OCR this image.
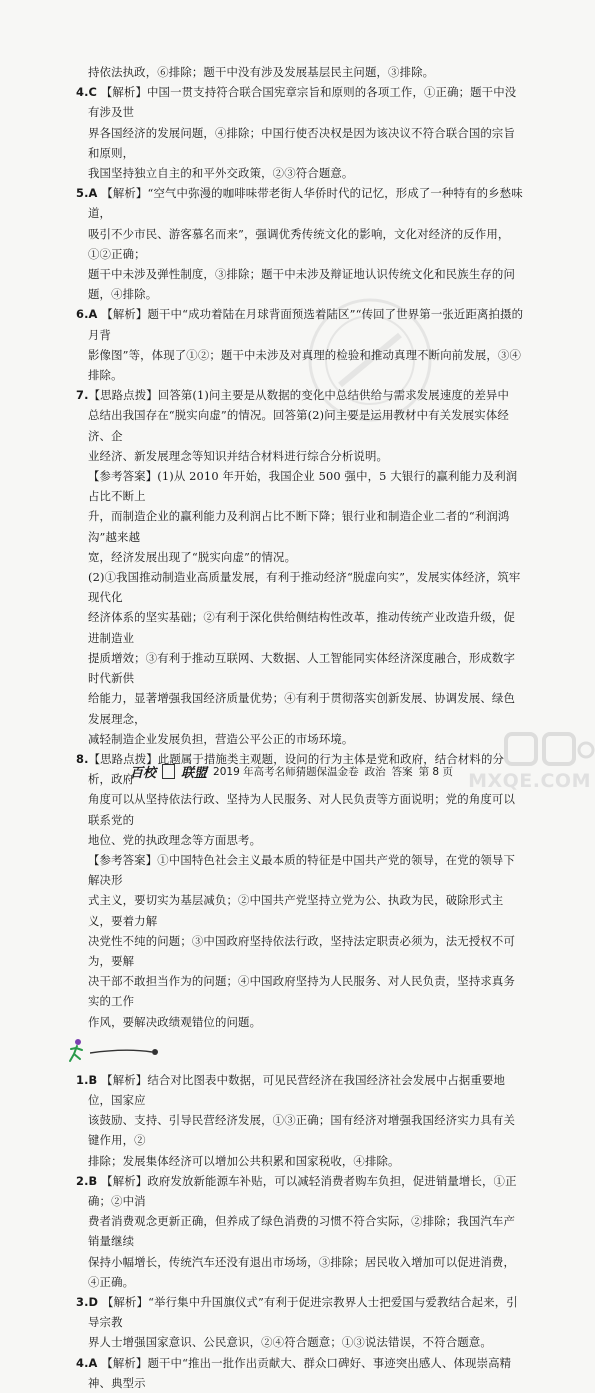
持依法执政，⑥排除；题干中没有涉及发展基层民主问题，③排除。

4.C 【解析】中国一贯支持符合联合国宪章宗旨和原则的各项工作，①正确；题干中没有涉及世

界各国经济的发展问题，④排除；中国行使否决权是因为该决议不符合联合国的宗旨和原则，

我国坚持独立自主的和平外交政策，②③符合题意。

5.A 【解析】“空气中弥漫的咖啡味带老街人华侨时代的记忆，形成了一种特有的乡愁味道，

吸引不少市民、游客慕名而来”，强调优秀传统文化的影响，文化对经济的反作用，①②正确；

题干中未涉及弹性制度，③排除；题干中未涉及辩证地认识传统文化和民族生存的问题，④排除。

6.A 【解析】题干中“成功着陆在月球背面预选着陆区”“传回了世界第一张近距离拍摄的月背

影像图”等，体现了①②；题干中未涉及对真理的检验和推动真理不断向前发展，③④排除。

7.【思路点拨】回答第(1)问主要是从数据的变化中总结供给与需求发展速度的差异中

总结出我国存在“脱实向虚”的情况。回答第(2)问主要是运用教材中有关发展实体经济、企

业经济、新发展理念等知识并结合材料进行综合分析说明。

【参考答案】(1)从 2010 年开始，我国企业 500 强中，5 大银行的赢利能力及利润占比不断上

升，而制造企业的赢利能力及利润占比不断下降；银行业和制造企业二者的“利润鸿沟”越来越

宽，经济发展出现了“脱实向虚”的情况。

(2)①我国推动制造业高质量发展，有利于推动经济“脱虚向实”，发展实体经济，筑牢现代化

经济体系的坚实基础；②有利于深化供给侧结构性改革，推动传统产业改造升级，促进制造业

提质增效；③有利于推动互联网、大数据、人工智能同实体经济深度融合，形成数字时代新供

给能力，显著增强我国经济质量优势；④有利于贯彻落实创新发展、协调发展、绿色发展理念，

减轻制造企业发展负担，营造公平公正的市场环境。

8.【思路点拨】此题属于措施类主观题，设问的行为主体是党和政府，结合材料的分析，政府

角度可以从坚持依法行政、坚持为人民服务、对人民负责等方面说明；党的角度可以联系党的

地位、党的执政理念等方面思考。

【参考答案】①中国特色社会主义最本质的特征是中国共产党的领导，在党的领导下解决形

式主义，要切实为基层减负；②中国共产党坚持立党为公、执政为民，破除形式主义，要着力解

决党性不纯的问题；③中国政府坚持依法行政，坚持法定职责必须为，法无授权不可为，要解

决干部不敢担当作为的问题；④中国政府坚持为人民服务、对人民负责，坚持求真务实的工作

作风，要解决政绩观错位的问题。

1.B 【解析】结合对比图表中数据，可见民营经济在我国经济社会发展中占据重要地位，国家应

该鼓励、支持、引导民营经济发展，①③正确；国有经济对增强我国经济实力具有关键作用，②

排除；发展集体经济可以增加公共积累和国家税收，④排除。

2.B 【解析】政府发放新能源车补贴，可以减轻消费者购车负担，促进销量增长，①正确；②中消

费者消费观念更新正确，但养成了绿色消费的习惯不符合实际，②排除；我国汽车产销量继续

保持小幅增长，传统汽车还没有退出市场场，③排除；居民收入增加可以促进消费，④正确。

3.D 【解析】“举行集中升国旗仪式”有利于促进宗教界人士把爱国与爱教结合起来，引导宗教

界人士增强国家意识、公民意识，②④符合题意；①③说法错误，不符合题意。

4.A 【解析】题干中“推出一批作出贡献大、群众口碑好、事迹突出感人、体现崇高精神、典型示

百校 联盟 2019 年高考名师猜题保温金卷 政治 答案 第 8 页 MXQE.COM
